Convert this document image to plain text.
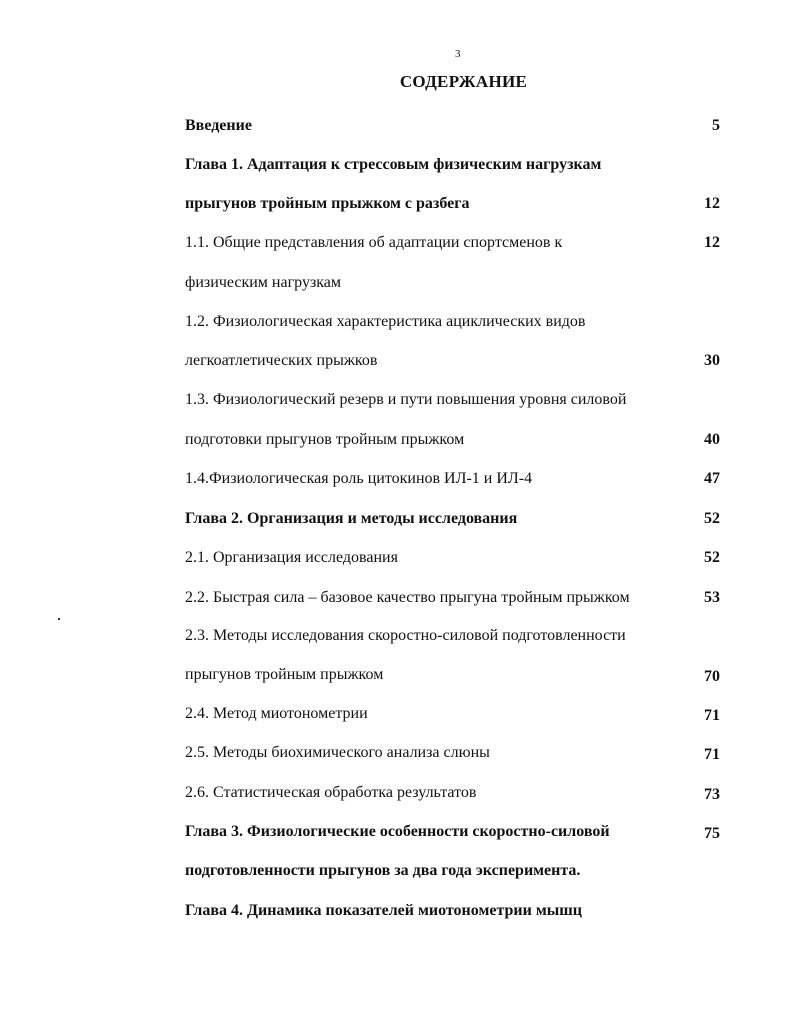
3
СОДЕРЖАНИЕ
Введение	5
Глава 1. Адаптация к стрессовым физическим нагрузкам
прыгунов тройным прыжком с разбега	12
1.1. Общие представления об адаптации спортсменов к	12
физическим нагрузкам
1.2. Физиологическая характеристика ациклических видов
легкоатлетических прыжков	30
1.3. Физиологический резерв и пути повышения уровня силовой
подготовки прыгунов тройным прыжком	40
1.4.Физиологическая роль цитокинов ИЛ-1 и ИЛ-4	47
Глава 2. Организация и методы исследования	52
2.1. Организация исследования	52
2.2. Быстрая сила – базовое качество прыгуна тройным прыжком	53
2.3. Методы исследования скоростно-силовой подготовленности
прыгунов тройным прыжком	70
2.4. Метод миотонометрии	71
2.5. Методы биохимического анализа слюны	71
2.6. Статистическая обработка результатов	73
Глава 3. Физиологические особенности скоростно-силовой	75
подготовленности прыгунов за два года эксперимента.
Глава 4. Динамика показателей миотонометрии мышц
